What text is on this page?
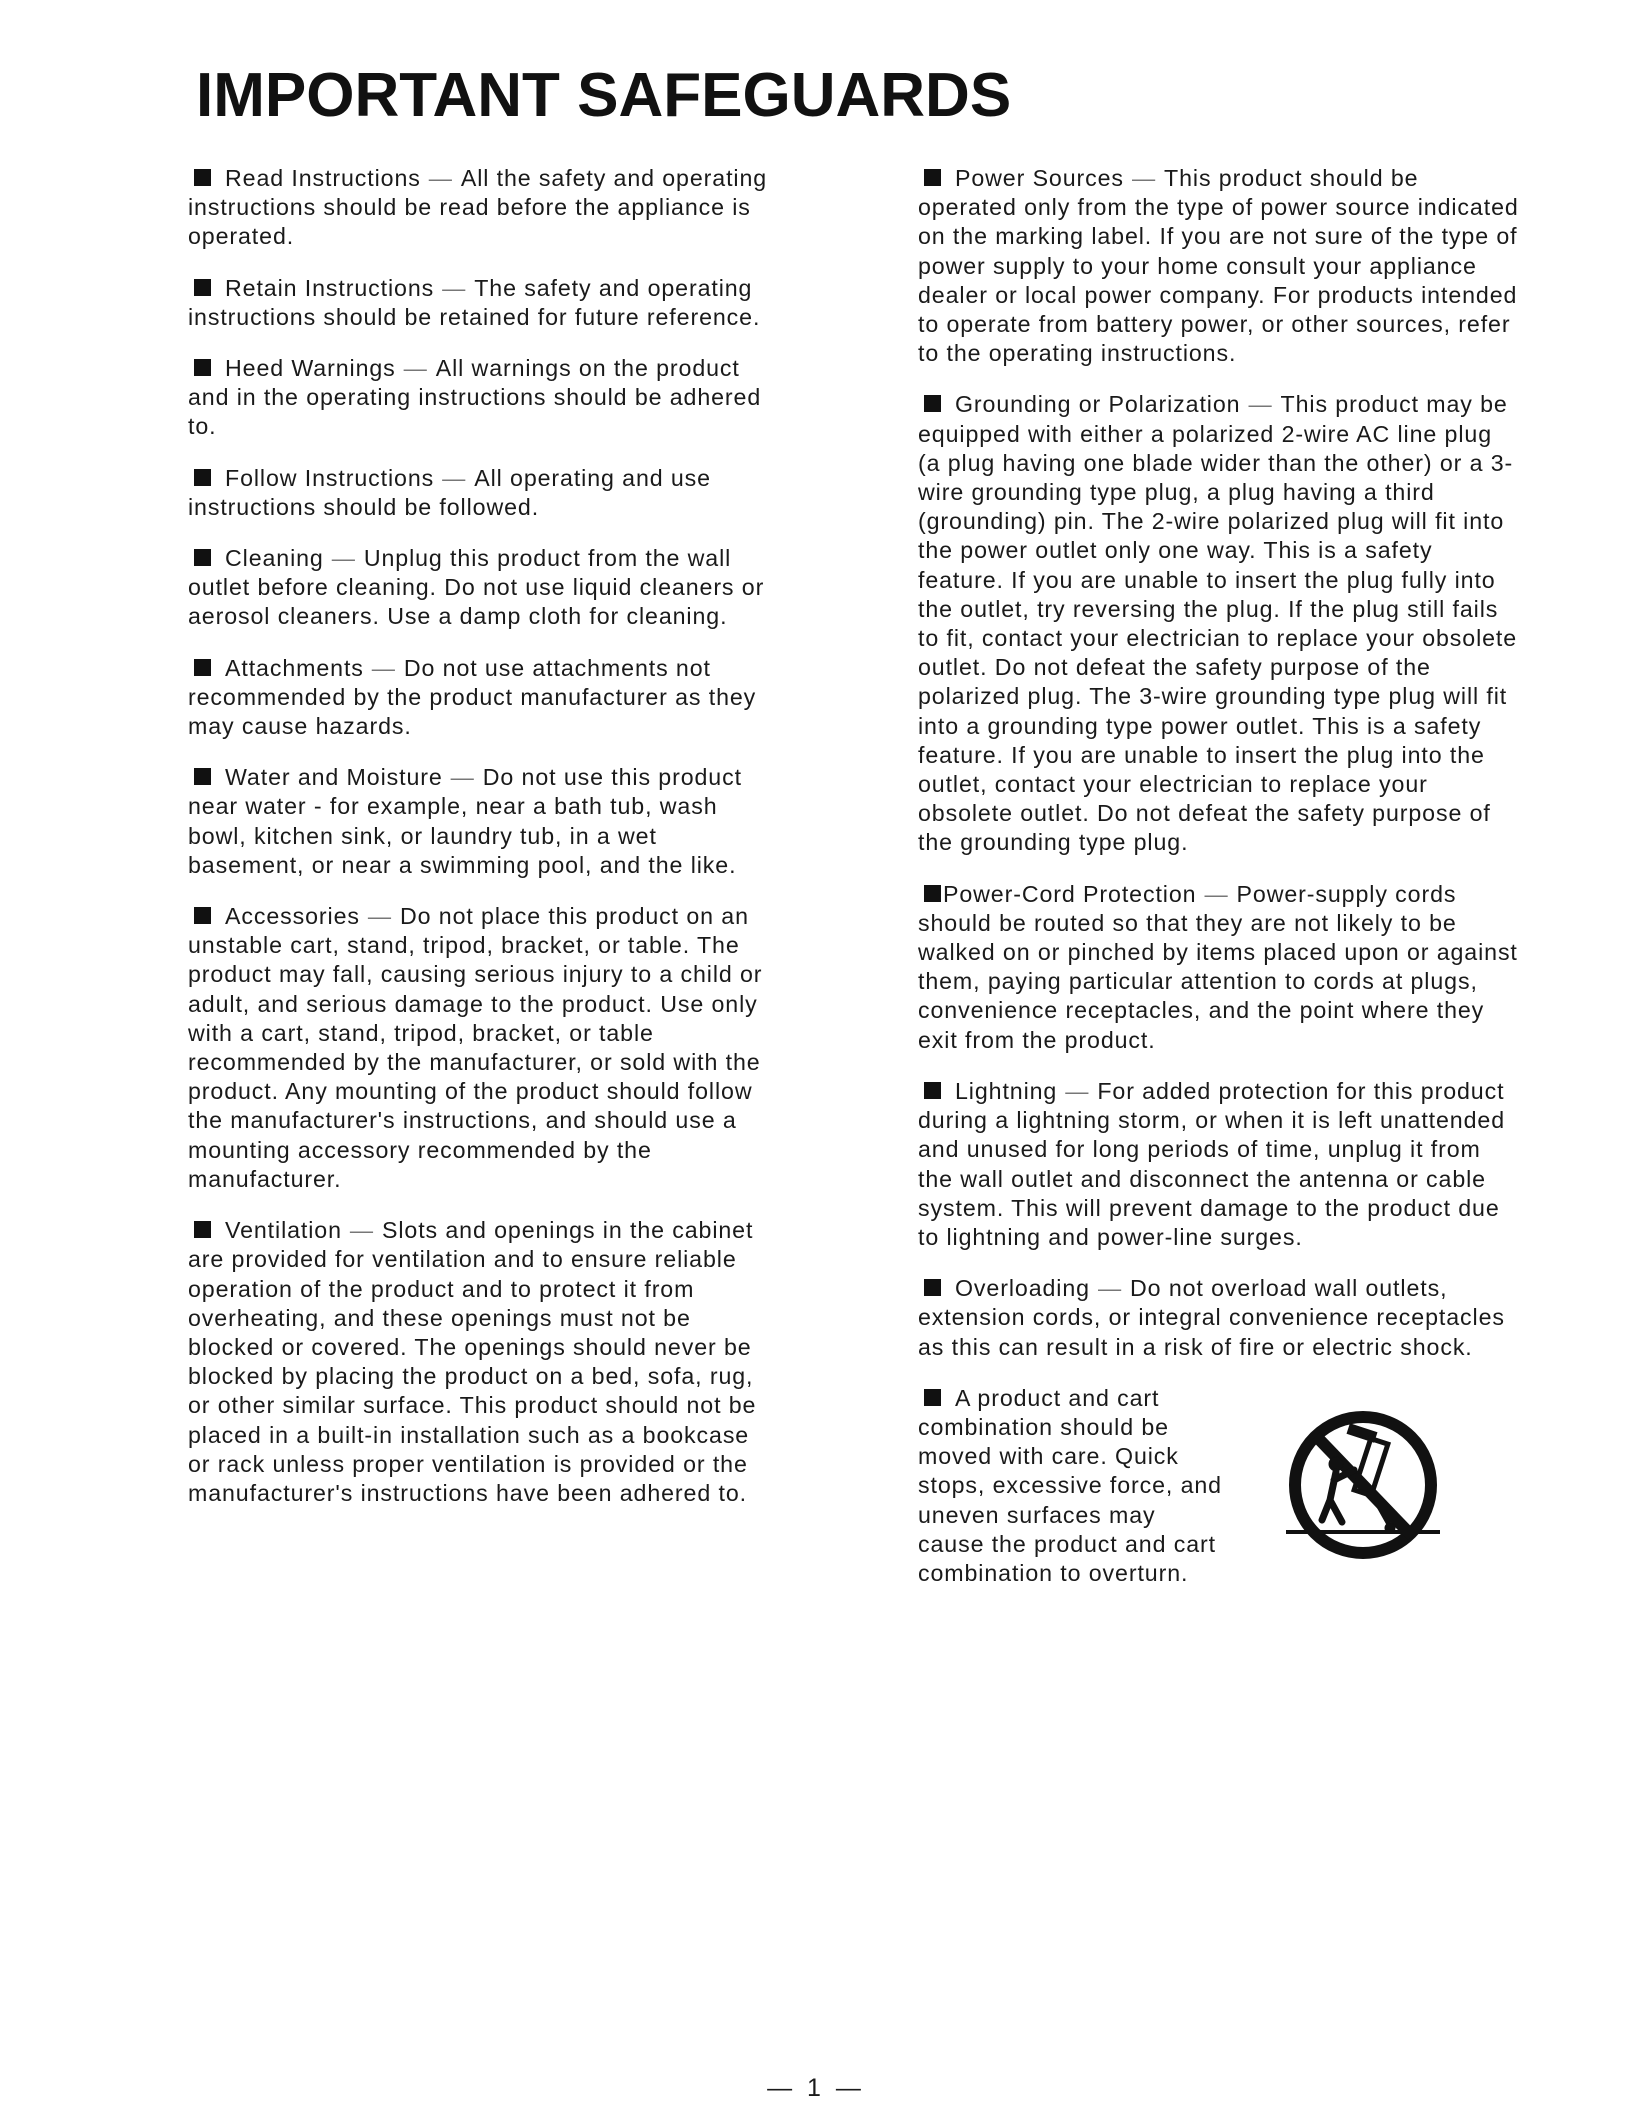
IMPORTANT SAFEGUARDS

Read Instructions — All the safety and operating instructions should be read before the appliance is operated.

Retain Instructions — The safety and operating instructions should be retained for future reference.

Heed Warnings — All warnings on the product and in the operating instructions should be adhered to.

Follow Instructions — All operating and use instructions should be followed.

Cleaning — Unplug this product from the wall outlet before cleaning. Do not use liquid cleaners or aerosol cleaners. Use a damp cloth for cleaning.

Attachments — Do not use attachments not recommended by the product manufacturer as they may cause hazards.

Water and Moisture — Do not use this product near water - for example, near a bath tub, wash bowl, kitchen sink, or laundry tub, in a wet basement, or near a swimming pool, and the like.

Accessories — Do not place this product on an unstable cart, stand, tripod, bracket, or table. The product may fall, causing serious injury to a child or adult, and serious damage to the product. Use only with a cart, stand, tripod, bracket, or table recommended by the manufacturer, or sold with the product. Any mounting of the product should follow the manufacturer's instructions, and should use a mounting accessory recommended by the manufacturer.

Ventilation — Slots and openings in the cabinet are provided for ventilation and to ensure reliable operation of the product and to protect it from overheating, and these openings must not be blocked or covered. The openings should never be blocked by placing the product on a bed, sofa, rug, or other similar surface. This product should not be placed in a built-in installation such as a bookcase or rack unless proper ventilation is provided or the manufacturer's instructions have been adhered to.

Power Sources — This product should be operated only from the type of power source indicated on the marking label. If you are not sure of the type of power supply to your home consult your appliance dealer or local power company. For products intended to operate from battery power, or other sources, refer to the operating instructions.

Grounding or Polarization — This product may be equipped with either a polarized 2-wire AC line plug (a plug having one blade wider than the other) or a 3-wire grounding type plug, a plug having a third (grounding) pin. The 2-wire polarized plug will fit into the power outlet only one way. This is a safety feature. If you are unable to insert the plug fully into the outlet, try reversing the plug. If the plug still fails to fit, contact your electrician to replace your obsolete outlet. Do not defeat the safety purpose of the polarized plug. The 3-wire grounding type plug will fit into a grounding type power outlet. This is a safety feature. If you are unable to insert the plug into the outlet, contact your electrician to replace your obsolete outlet. Do not defeat the safety purpose of the grounding type plug.

Power-Cord Protection — Power-supply cords should be routed so that they are not likely to be walked on or pinched by items placed upon or against them, paying particular attention to cords at plugs, convenience receptacles, and the point where they exit from the product.

Lightning — For added protection for this product during a lightning storm, or when it is left unattended and unused for long periods of time, unplug it from the wall outlet and disconnect the antenna or cable system. This will prevent damage to the product due to lightning and power-line surges.

Overloading — Do not overload wall outlets, extension cords, or integral convenience receptacles as this can result in a risk of fire or electric shock.

A product and cart combination should be moved with care. Quick stops, excessive force, and uneven surfaces may cause the product and cart combination to overturn.

— 1 —
